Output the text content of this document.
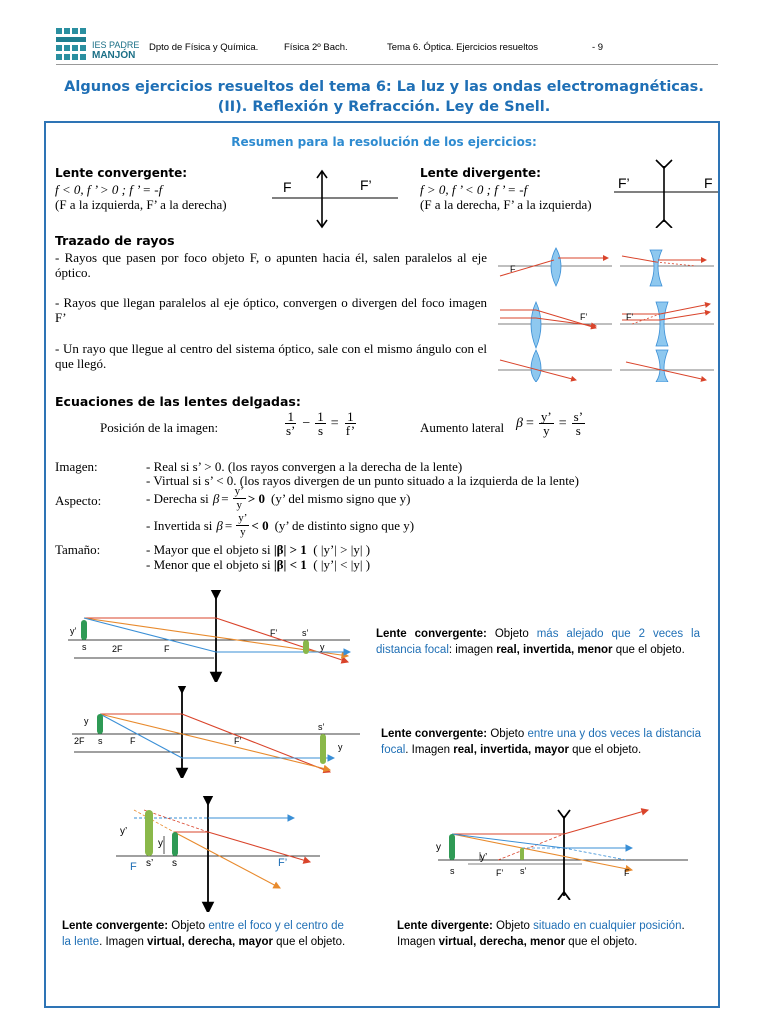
IES PADRE
MANJÓN
Dpto de Física y Química.	Física 2º Bach.	Tema 6. Óptica. Ejercicios resueltos	- 9
Algunos ejercicios resueltos del tema 6: La luz y las ondas electromagnéticas.
(II). Reflexión y Refracción. Ley de Snell.
Resumen para la resolución de los ejercicios:
Lente convergente:
f < 0, f ’ > 0 ; f ’ = -f
(F a la izquierda, F’ a la derecha)
F	F’
Lente divergente:
f > 0, f ’ < 0 ; f ’ = -f
(F a la derecha, F’ a la izquierda)
F’	F
Trazado de rayos
- Rayos que pasen por foco objeto F, o apunten hacia él, salen paralelos al eje óptico.
- Rayos que llegan paralelos al eje óptico, convergen o divergen del foco imagen F’
- Un rayo que llegue al centro del sistema óptico, sale con el mismo ángulo con el que llegó.
F
F’	F’
Ecuaciones de las lentes delgadas:
Posición de la imagen:	$\frac{1}{s’} - \frac{1}{s} = \frac{1}{f’}$	Aumento lateral $\beta = \frac{y’}{y} = \frac{s’}{s}$
Imagen:	- Real si s’ > 0. (los rayos convergen a la derecha de la lente)
- Virtual si s’ < 0. (los rayos divergen de un punto situado a la izquierda de la lente)
Aspecto:	- Derecha si $\beta = \frac{y’}{y} > 0$ (y’ del mismo signo que y)
- Invertida si $\beta = \frac{y’}{y} < 0$ (y’ de distinto signo que y)
Tamaño:	- Mayor que el objeto si |β| > 1 ( |y’| > |y| )
- Menor que el objeto si |β| < 1 ( |y’| < |y| )
y’
s	2F	F
F’	s’
y
Lente convergente: Objeto más alejado que 2 veces la distancia focal: imagen real, invertida, menor que el objeto.
y
2F s	F	F’
s’
y
Lente convergente: Objeto entre una y dos veces la distancia focal. Imagen real, invertida, mayor que el objeto.
y’
y
F s’ s	F’
Lente convergente: Objeto entre el foco y el centro de la lente. Imagen virtual, derecha, mayor que el objeto.
y
y’
s	F’ s’	F
Lente divergente: Objeto situado en cualquier posición. Imagen virtual, derecha, menor que el objeto.
